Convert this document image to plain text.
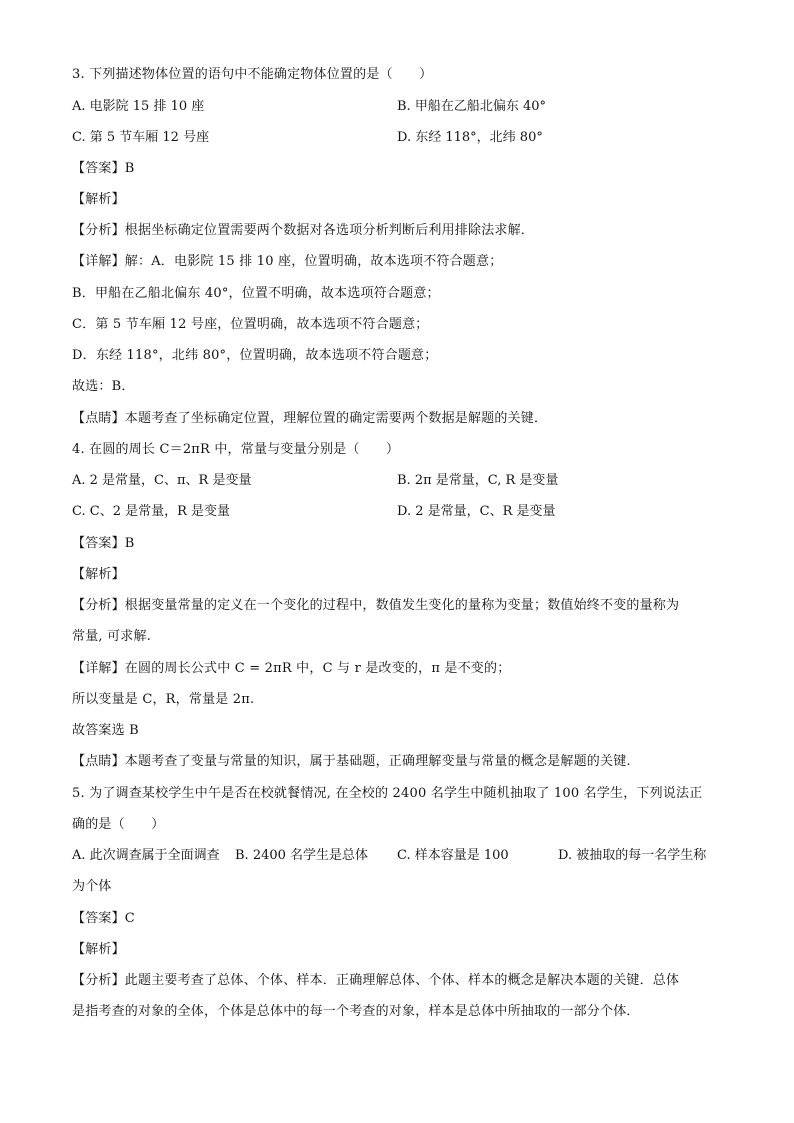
3. 下列描述物体位置的语句中不能确定物体位置的是（　　）
A. 电影院 15 排 10 座	B. 甲船在乙船北偏东 40°
C. 第 5 节车厢 12 号座	D. 东经 118°，北纬 80°
【答案】B
【解析】
【分析】根据坐标确定位置需要两个数据对各选项分析判断后利用排除法求解．
【详解】解：A．电影院 15 排 10 座，位置明确，故本选项不符合题意；
B．甲船在乙船北偏东 40°，位置不明确，故本选项符合题意；
C．第 5 节车厢 12 号座，位置明确，故本选项不符合题意；
D．东经 118°，北纬 80°，位置明确，故本选项不符合题意；
故选：B．
【点睛】本题考查了坐标确定位置，理解位置的确定需要两个数据是解题的关键．
4. 在圆的周长 C＝2πR 中，常量与变量分别是（　　）
A. 2 是常量，C、π、R 是变量	B. 2π 是常量，C, R 是变量
C. C、2 是常量，R 是变量	D. 2 是常量，C、R 是变量
【答案】B
【解析】
【分析】根据变量常量的定义在一个变化的过程中，数值发生变化的量称为变量；数值始终不变的量称为
常量, 可求解.
【详解】在圆的周长公式中 C = 2πR 中，C 与 r 是改变的，π 是不变的；
所以变量是 C，R，常量是 2π.
故答案选 B
【点睛】本题考查了变量与常量的知识，属于基础题，正确理解变量与常量的概念是解题的关键.
5. 为了调查某校学生中午是否在校就餐情况, 在全校的 2400 名学生中随机抽取了 100 名学生，下列说法正
确的是（　　）
A. 此次调查属于全面调查 B. 2400 名学生是总体 C. 样本容量是 100	D. 被抽取的每一名学生称
为个体
【答案】C
【解析】
【分析】此题主要考查了总体、个体、样本．正确理解总体、个体、样本的概念是解决本题的关键．总体
是指考查的对象的全体，个体是总体中的每一个考查的对象，样本是总体中所抽取的一部分个体．
